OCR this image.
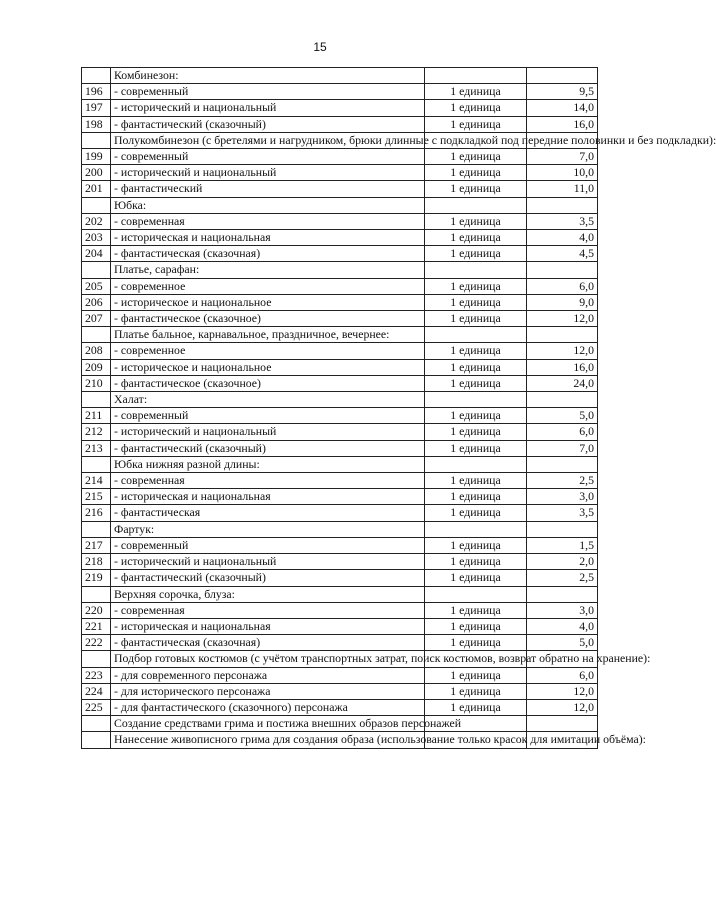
15
	Комбинезон:		
196	- современный	1 единица	9,5
197	- исторический и национальный	1 единица	14,0
198	- фантастический (сказочный)	1 единица	16,0
	Полукомбинезон (с бретелями и нагрудником, брюки длинные с подкладкой под передние половинки и без подкладки):		
199	- современный	1 единица	7,0
200	- исторический и национальный	1 единица	10,0
201	- фантастический	1 единица	11,0
	Юбка:		
202	- современная	1 единица	3,5
203	- историческая и национальная	1 единица	4,0
204	- фантастическая (сказочная)	1 единица	4,5
	Платье, сарафан:		
205	- современное	1 единица	6,0
206	- историческое и национальное	1 единица	9,0
207	- фантастическое (сказочное)	1 единица	12,0
	Платье бальное, карнавальное, праздничное, вечернее:		
208	- современное	1 единица	12,0
209	- историческое и национальное	1 единица	16,0
210	- фантастическое (сказочное)	1 единица	24,0
	Халат:		
211	- современный	1 единица	5,0
212	- исторический и национальный	1 единица	6,0
213	- фантастический (сказочный)	1 единица	7,0
	Юбка нижняя разной длины:		
214	- современная	1 единица	2,5
215	- историческая и национальная	1 единица	3,0
216	- фантастическая	1 единица	3,5
	Фартук:		
217	- современный	1 единица	1,5
218	- исторический и национальный	1 единица	2,0
219	- фантастический (сказочный)	1 единица	2,5
	Верхняя сорочка, блуза:		
220	- современная	1 единица	3,0
221	- историческая и национальная	1 единица	4,0
222	- фантастическая (сказочная)	1 единица	5,0
	Подбор готовых костюмов (с учётом транспортных затрат, поиск костюмов, возврат обратно на хранение):		
223	- для современного персонажа	1 единица	6,0
224	- для исторического персонажа	1 единица	12,0
225	- для фантастического (сказочного) персонажа	1 единица	12,0
	Создание средствами грима и постижа внешних образов персонажей		
	Нанесение живописного грима для создания образа (использование только красок для имитации объёма):		
